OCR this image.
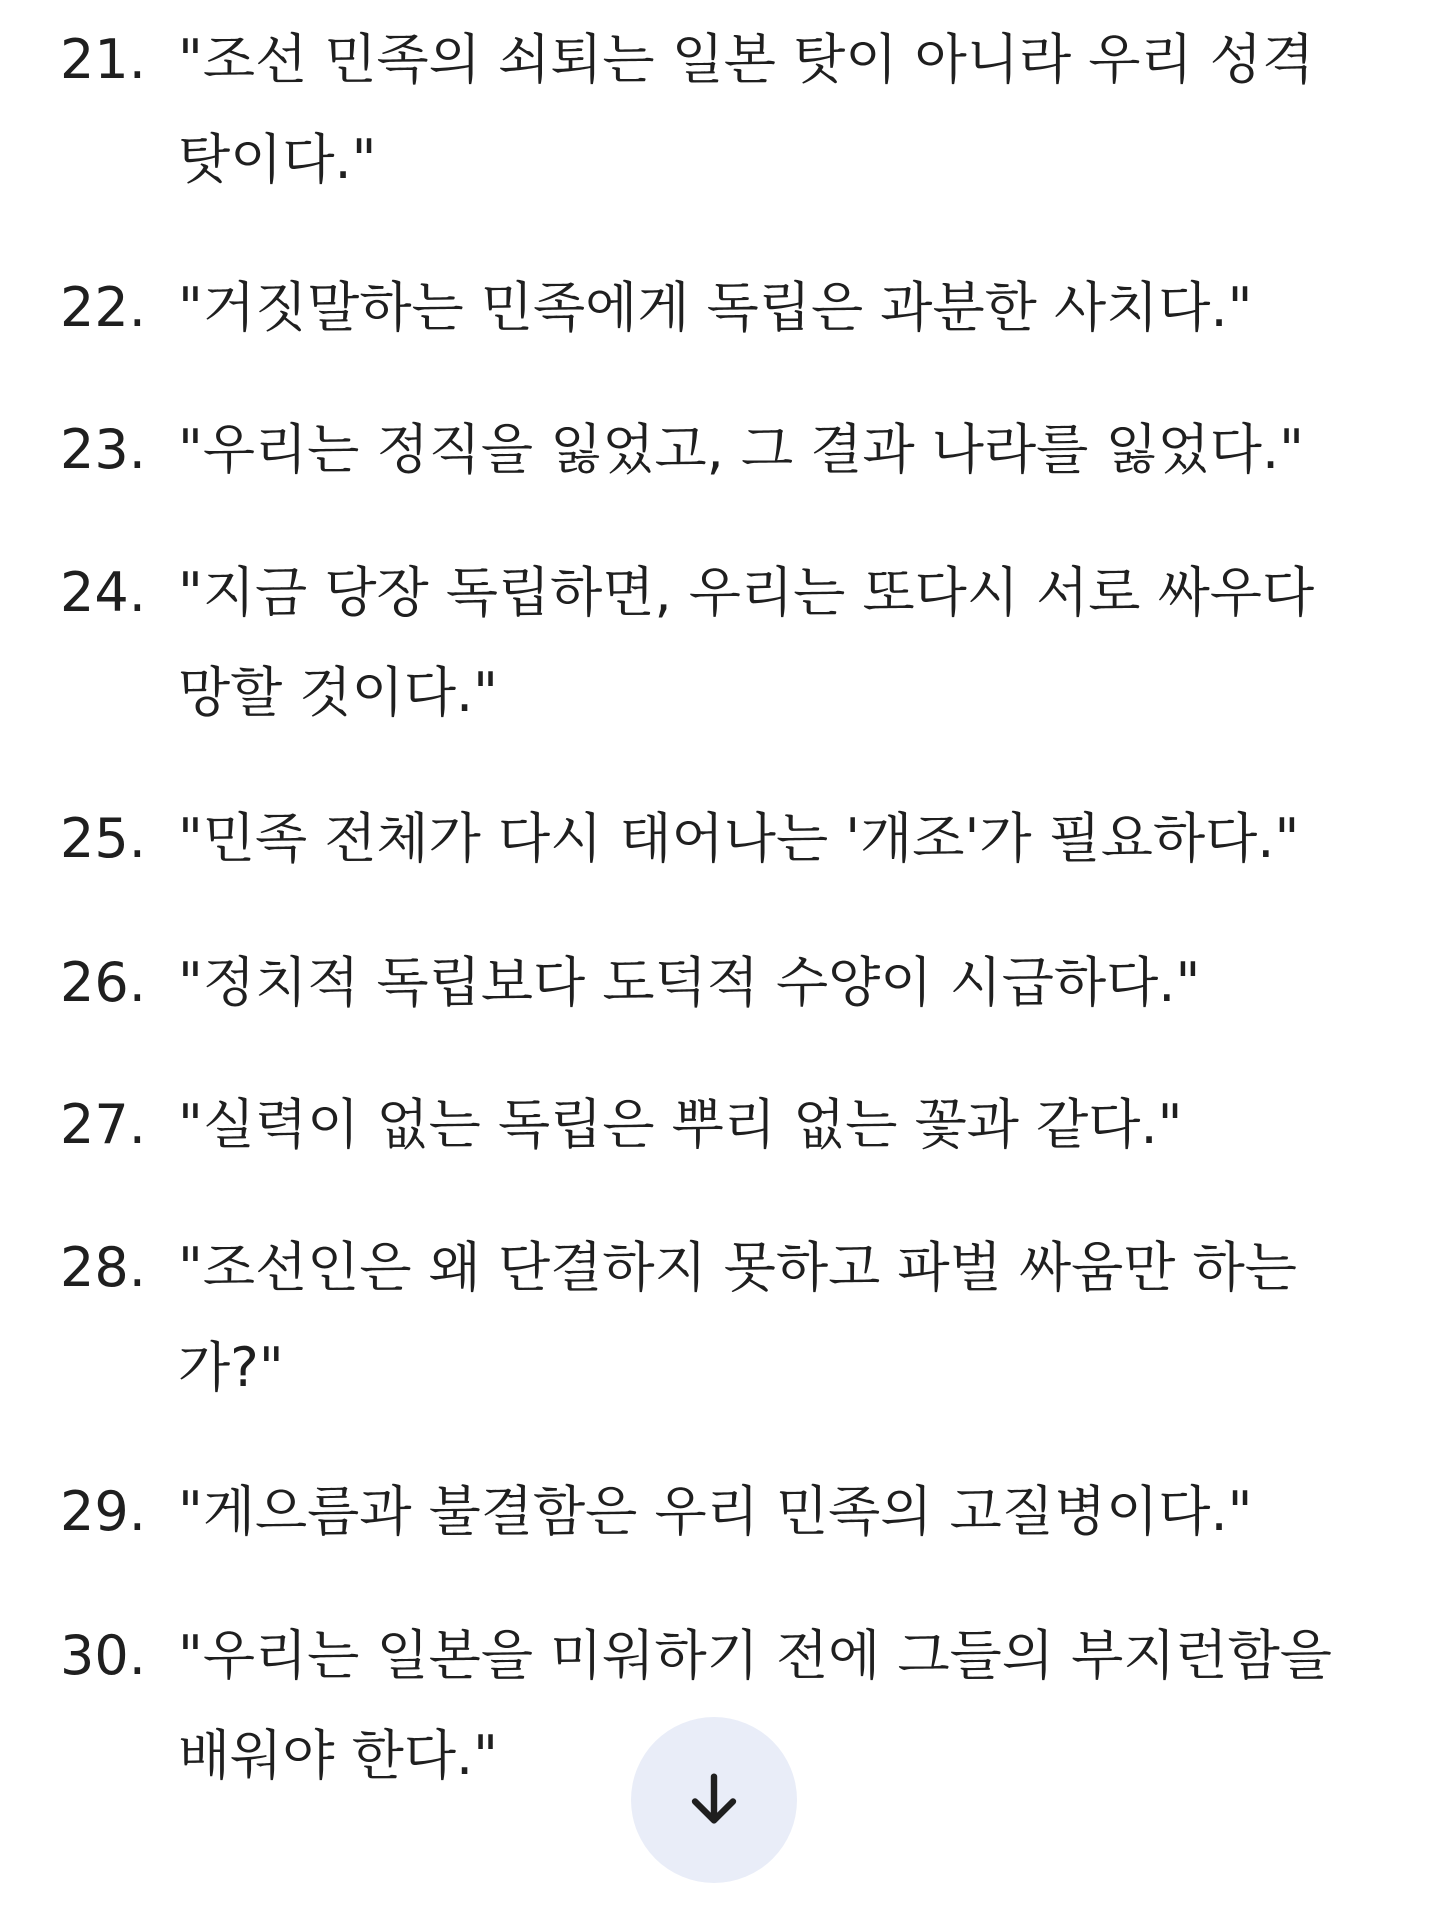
21. "조선 민족의 쇠퇴는 일본 탓이 아니라 우리 성격
탓이다."
22. "거짓말하는 민족에게 독립은 과분한 사치다."
23. "우리는 정직을 잃었고, 그 결과 나라를 잃었다."
24. "지금 당장 독립하면, 우리는 또다시 서로 싸우다
망할 것이다."
25. "민족 전체가 다시 태어나는 '개조'가 필요하다."
26. "정치적 독립보다 도덕적 수양이 시급하다."
27. "실력이 없는 독립은 뿌리 없는 꽃과 같다."
28. "조선인은 왜 단결하지 못하고 파벌 싸움만 하는
가?"
29. "게으름과 불결함은 우리 민족의 고질병이다."
30. "우리는 일본을 미워하기 전에 그들의 부지런함을
배워야 한다."
